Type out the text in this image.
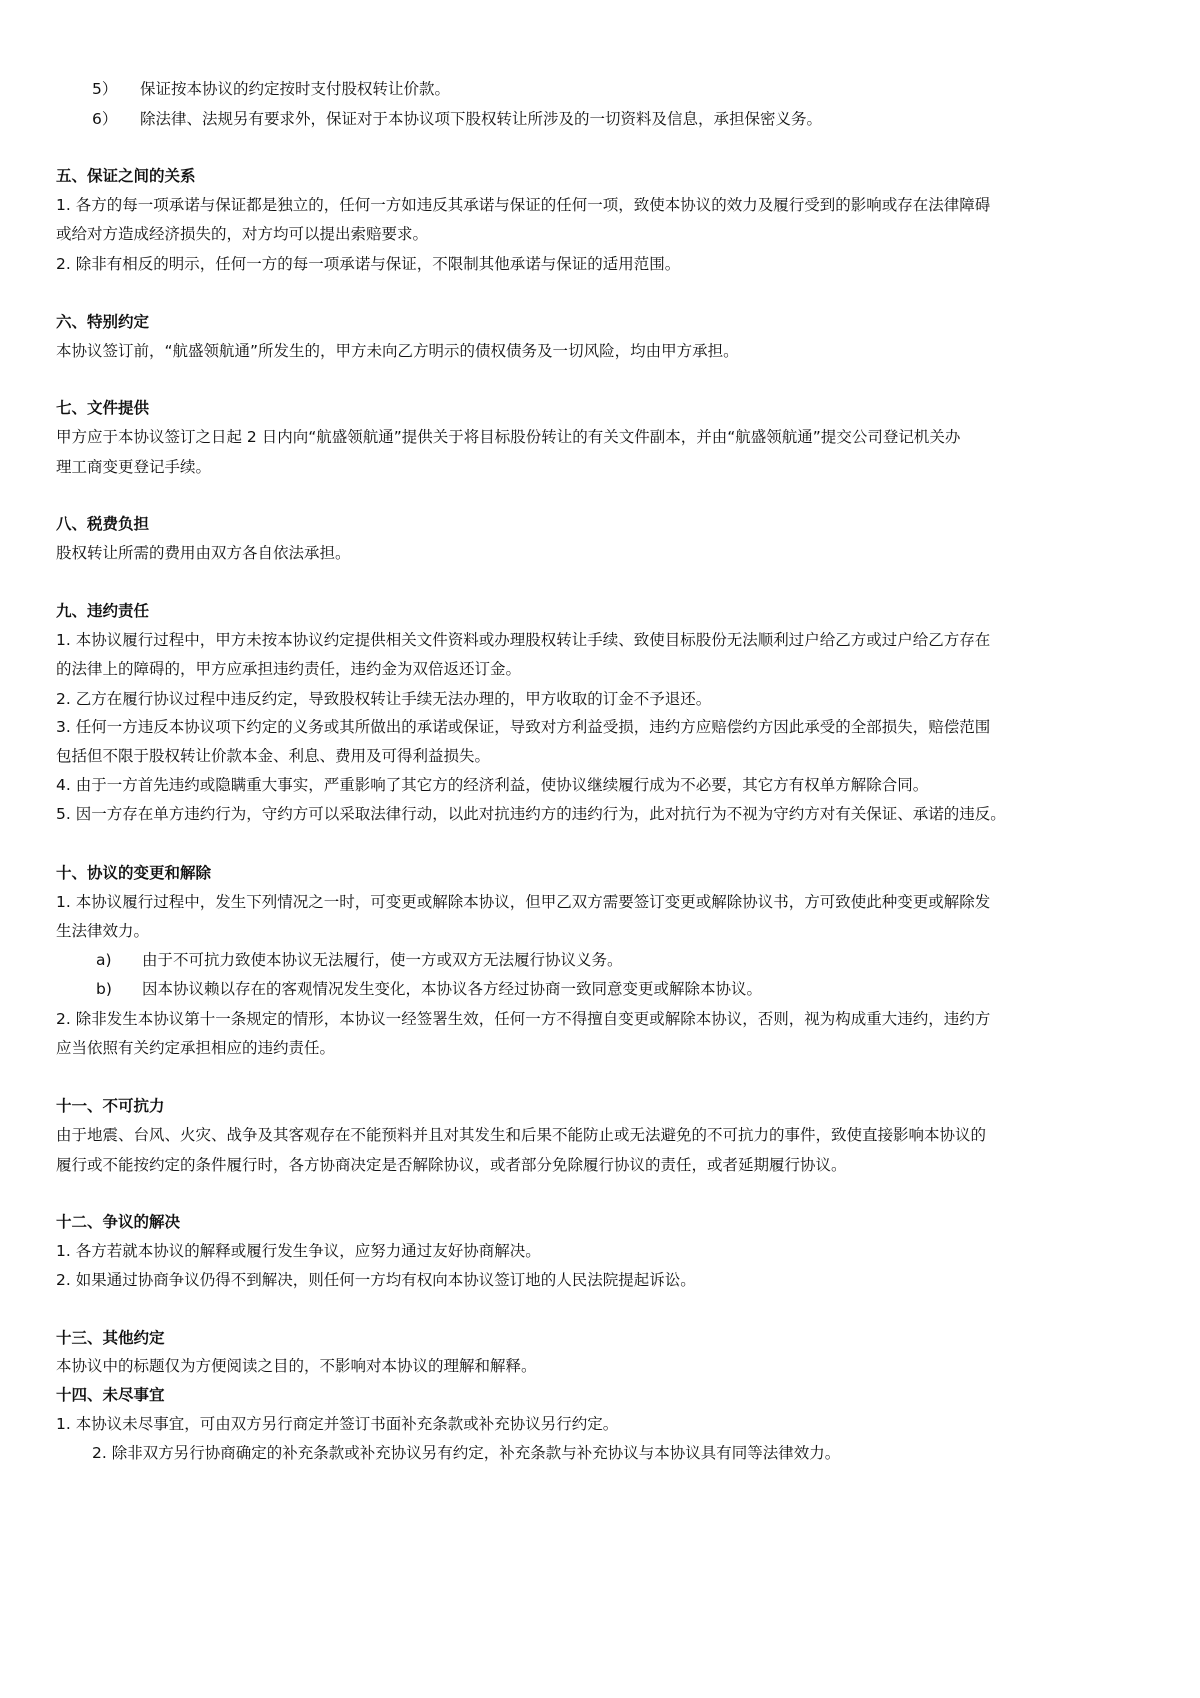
5） 保证按本协议的约定按时支付股权转让价款。
6） 除法律、法规另有要求外，保证对于本协议项下股权转让所涉及的一切资料及信息，承担保密义务。
五、保证之间的关系
1. 各方的每一项承诺与保证都是独立的，任何一方如违反其承诺与保证的任何一项，致使本协议的效力及履行受到的影响或存在法律障碍
或给对方造成经济损失的，对方均可以提出索赔要求。
2. 除非有相反的明示，任何一方的每一项承诺与保证，不限制其他承诺与保证的适用范围。
六、特别约定
本协议签订前，“航盛领航通”所发生的，甲方未向乙方明示的债权债务及一切风险，均由甲方承担。
七、文件提供
甲方应于本协议签订之日起 2 日内向“航盛领航通”提供关于将目标股份转让的有关文件副本，并由“航盛领航通”提交公司登记机关办
理工商变更登记手续。
八、税费负担
股权转让所需的费用由双方各自依法承担。
九、违约责任
1. 本协议履行过程中，甲方未按本协议约定提供相关文件资料或办理股权转让手续、致使目标股份无法顺利过户给乙方或过户给乙方存在
的法律上的障碍的，甲方应承担违约责任，违约金为双倍返还订金。
2. 乙方在履行协议过程中违反约定，导致股权转让手续无法办理的，甲方收取的订金不予退还。
3. 任何一方违反本协议项下约定的义务或其所做出的承诺或保证，导致对方利益受损，违约方应赔偿约方因此承受的全部损失，赔偿范围
包括但不限于股权转让价款本金、利息、费用及可得利益损失。
4. 由于一方首先违约或隐瞒重大事实，严重影响了其它方的经济利益，使协议继续履行成为不必要，其它方有权单方解除合同。
5. 因一方存在单方违约行为，守约方可以采取法律行动，以此对抗违约方的违约行为，此对抗行为不视为守约方对有关保证、承诺的违反。
十、协议的变更和解除
1. 本协议履行过程中，发生下列情况之一时，可变更或解除本协议，但甲乙双方需要签订变更或解除协议书，方可致使此种变更或解除发
生法律效力。
a) 由于不可抗力致使本协议无法履行，使一方或双方无法履行协议义务。
b) 因本协议赖以存在的客观情况发生变化，本协议各方经过协商一致同意变更或解除本协议。
2. 除非发生本协议第十一条规定的情形，本协议一经签署生效，任何一方不得擅自变更或解除本协议，否则，视为构成重大违约，违约方
应当依照有关约定承担相应的违约责任。
十一、不可抗力
由于地震、台风、火灾、战争及其客观存在不能预料并且对其发生和后果不能防止或无法避免的不可抗力的事件，致使直接影响本协议的
履行或不能按约定的条件履行时，各方协商决定是否解除协议，或者部分免除履行协议的责任，或者延期履行协议。
十二、争议的解决
1. 各方若就本协议的解释或履行发生争议，应努力通过友好协商解决。
2. 如果通过协商争议仍得不到解决，则任何一方均有权向本协议签订地的人民法院提起诉讼。
十三、其他约定
本协议中的标题仅为方便阅读之目的，不影响对本协议的理解和解释。
十四、未尽事宜
1. 本协议未尽事宜，可由双方另行商定并签订书面补充条款或补充协议另行约定。
2. 除非双方另行协商确定的补充条款或补充协议另有约定，补充条款与补充协议与本协议具有同等法律效力。
